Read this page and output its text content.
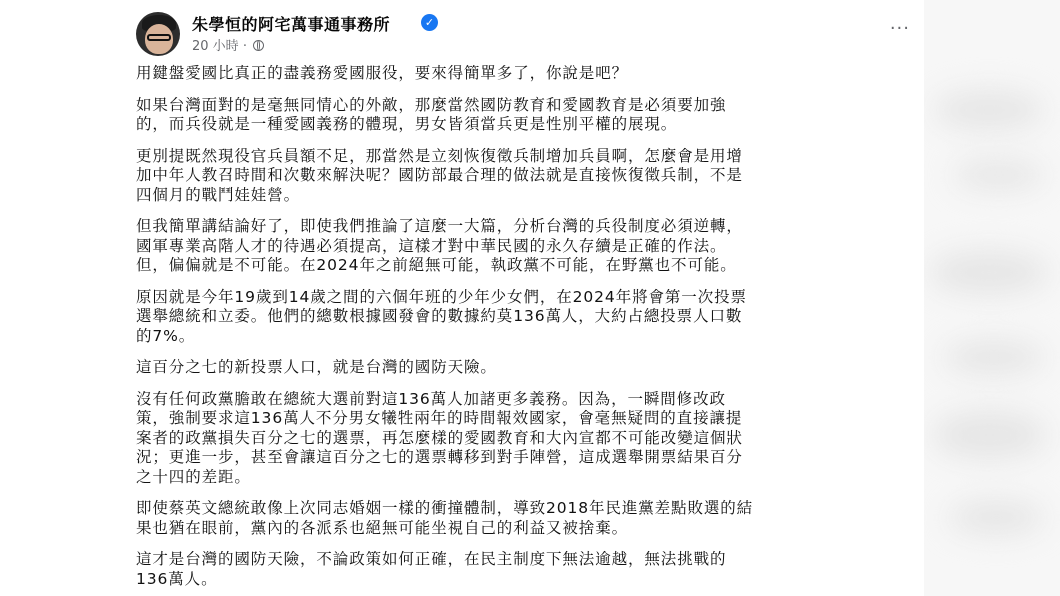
朱學恒的阿宅萬事通事務所	✓
20 小時 ·
···

用鍵盤愛國比真正的盡義務愛國服役，要來得簡單多了，你說是吧？

如果台灣面對的是毫無同情心的外敵，那麼當然國防教育和愛國教育是必須要加強
的，而兵役就是一種愛國義務的體現，男女皆須當兵更是性別平權的展現。

更別提既然現役官兵員額不足，那當然是立刻恢復徵兵制增加兵員啊，怎麼會是用增
加中年人教召時間和次數來解決呢？國防部最合理的做法就是直接恢復徵兵制，不是
四個月的戰鬥娃娃營。

但我簡單講結論好了，即使我們推論了這麼一大篇，分析台灣的兵役制度必須逆轉，
國軍專業高階人才的待遇必須提高，這樣才對中華民國的永久存續是正確的作法。
但，偏偏就是不可能。在2024年之前絕無可能，執政黨不可能，在野黨也不可能。

原因就是今年19歲到14歲之間的六個年班的少年少女們，在2024年將會第一次投票
選舉總統和立委。他們的總數根據國發會的數據約莫136萬人，大約占總投票人口數
的7%。

這百分之七的新投票人口，就是台灣的國防天險。

沒有任何政黨膽敢在總統大選前對這136萬人加諸更多義務。因為，一瞬間修改政
策，強制要求這136萬人不分男女犧牲兩年的時間報效國家，會毫無疑問的直接讓提
案者的政黨損失百分之七的選票，再怎麼樣的愛國教育和大內宣都不可能改變這個狀
況；更進一步，甚至會讓這百分之七的選票轉移到對手陣營，這成選舉開票結果百分
之十四的差距。

即使蔡英文總統敢像上次同志婚姻一樣的衝撞體制，導致2018年民進黨差點敗選的結
果也猶在眼前，黨內的各派系也絕無可能坐視自己的利益又被捨棄。

這才是台灣的國防天險，不論政策如何正確，在民主制度下無法逾越，無法挑戰的
136萬人。
